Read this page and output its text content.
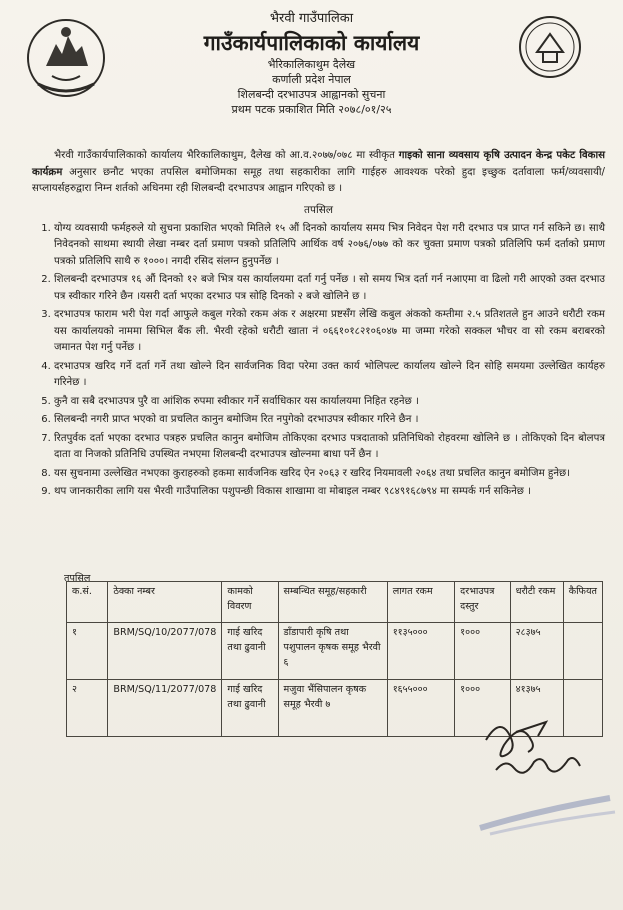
भैरवी गाउँपालिका

गाउँकार्यपालिकाको कार्यालय

भैरिकालिकाथुम दैलेख

कर्णाली प्रदेश नेपाल

शिलबन्दी दरभाउपत्र आह्वानको सुचना

प्रथम पटक प्रकाशित मिति २०७८/०१/२५

भैरवी गाउँकार्यपालिकाको कार्यालय भैरिकालिकाथुम, दैलेख को आ.व.२०७७/०७८ मा स्वीकृत गाइको साना व्यवसाय कृषि उत्पादन केन्द्र पकेट विकास कार्यक्रम अनुसार छनौट भएका तपसिल बमोजिमका समूह तथा सहकारीका लागि गाईहरु आवश्यक परेको हुदा इच्छुक दर्तावाला फर्म/व्यवसायी/सप्लायर्सहरुद्वारा निम्न शर्तको अधिनमा रही शिलबन्दी दरभाउपत्र आह्वान गरिएको छ ।

तपसिल
1. योग्य व्यवसायी फर्महरुले यो सुचना प्रकाशित भएको मितिले १५ औं दिनको कार्यालय समय भित्र निवेदन पेश गरी दरभाउ पत्र प्राप्त गर्न सकिने छ। साथै निवेदनको साथमा स्थायी लेखा नम्बर दर्ता प्रमाण पत्रको प्रतिलिपि आर्थिक वर्ष २०७६/०७७ को कर चुक्ता प्रमाण पत्रको प्रतिलिपि फर्म दर्ताको प्रमाण पत्रको प्रतिलिपि साथै रु १०००। नगदी रसिद संलग्न हुनुपर्नेछ ।
2. शिलबन्दी दरभाउपत्र १६ औं दिनको १२ बजे भित्र यस कार्यालयमा दर्ता गर्नु पर्नेछ । सो समय भित्र दर्ता गर्न नआएमा वा ढिलो गरी आएको उक्त दरभाउ पत्र स्वीकार गरिने छैन ।यसरी दर्ता भएका दरभाउ पत्र सोहि दिनको २ बजे खोलिने छ ।
3. दरभाउपत्र फाराम भरी पेश गर्दा आफुले कबुल गरेको रकम अंक र अक्षरमा प्रष्टसँग लेखि कबुल अंकको कम्तीमा २.५ प्रतिशतले हुन आउने धरौटी रकम यस कार्यालयको नाममा सिभिल बैंक ली. भैरवी रहेको धरौटी खाता नं ०६६१०१८२१०६०४७ मा जम्मा गरेको सक्कल भौचर वा सो रकम बराबरको जमानत पेश गर्नु पर्नेछ ।
4. दरभाउपत्र खरिद गर्ने दर्ता गर्ने तथा खोल्ने दिन सार्वजनिक विदा परेमा उक्त कार्य भोलिपल्ट कार्यालय खोल्ने दिन सोहि समयमा उल्लेखित कार्यहरु गरिनेछ ।
5. कुनै वा सबै दरभाउपत्र पुरै वा आंशिक रुपमा स्वीकार गर्ने सर्वाधिकार यस कार्यालयमा निहित रहनेछ ।
6. सिलबन्दी नगरी प्राप्त भएको वा प्रचलित कानुन बमोजिम रित नपुगेको दरभाउपत्र स्वीकार गरिने छैन ।
7. रितपुर्वक दर्ता भएका दरभाउ पत्रहरु प्रचलित कानुन बमोजिम तोकिएका दरभाउ पत्रदाताको प्रतिनिधिको रोहवरमा खोलिने छ । तोकिएको दिन बोलपत्र दाता वा निजको प्रतिनिधि उपस्थित नभएमा शिलबन्दी दरभाउपत्र खोल्नमा बाधा पर्ने छैन ।
8. यस सुचनामा उल्लेखित नभएका कुराहरुको हकमा सार्वजनिक खरिद ऐन २०६३ र खरिद नियमावली २०६४ तथा प्रचलित कानुन बमोजिम हुनेछ।
9. थप जानकारीका लागि यस भैरवी गाउँपालिका पशुपन्छी विकास शाखामा वा मोबाइल नम्बर ९८४९१६८७९४ मा सम्पर्क गर्न सकिनेछ ।
तपसिल
क.सं.	ठेक्का नम्बर	कामको विवरण	सम्बन्धित समूह/सहकारी	लागत रकम	दरभाउपत्र दस्तुर	धरौटी रकम	कैफियत
१	BRM/SQ/10/2077/078	गाई खरिद तथा ढुवानी	डाँडापारी कृषि तथा पशुपालन कृषक समूह भैरवी ६	११३५०००	१०००	२८३७५	
२	BRM/SQ/11/2077/078	गाई खरिद तथा ढुवानी	मजुवा भैंसिपालन कृषक समूह भैरवी ७	१६५५०००	१०००	४१३७५	
